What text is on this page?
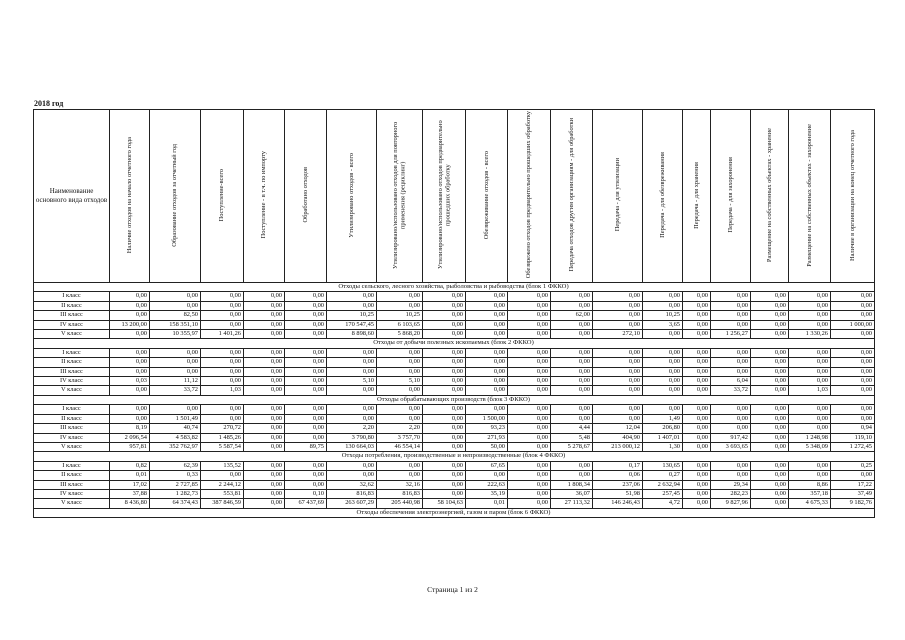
2018 год
Наименование основного вида отходов	Наличие отходов на начало отчетного года	Образование отходов за отчетный год	Поступление-всего	Поступление - в т.ч. по импорту	Обработано отходов	Утилизировано отходов - всего	Утилизировано/использовано отходов для повторного применения (рециклинг)	Утилизировано/использовано отходов предварительно прошедших обработку	Обезвреживание отходов - всего	Обезврежено отходов предварительно прошедших обработку	Передача отходов другим организациям - для обработки	Передача - для утилизации	Передача - для обезвреживания	Передача - для хранения	Передача - для захоронения	Размещение на собственных объектах - хранение	Размещение на собственных объектах - захоронение	Наличие в организации на конец отчетного года
Отходы сельского, лесного хозяйства, рыболовства и рыбоводства (блок 1 ФККО)																		
I класс	0,00	0,00	0,00	0,00	0,00	0,00	0,00	0,00	0,00	0,00	0,00	0,00	0,00	0,00	0,00	0,00	0,00	0,00
II класс	0,00	0,00	0,00	0,00	0,00	0,00	0,00	0,00	0,00	0,00	0,00	0,00	0,00	0,00	0,00	0,00	0,00	0,00
III класс	0,00	82,50	0,00	0,00	0,00	10,25	10,25	0,00	0,00	0,00	62,00	0,00	10,25	0,00	0,00	0,00	0,00	0,00
IV класс	13 200,00	158 351,10	0,00	0,00	0,00	170 547,45	6 103,65	0,00	0,00	0,00	0,00	0,00	3,65	0,00	0,00	0,00	0,00	1 000,00
V класс	0,00	10 355,97	1 401,26	0,00	0,00	8 898,60	5 868,20	0,00	0,00	0,00	0,00	272,10	0,00	0,00	1 256,27	0,00	1 330,26	0,00
Отходы от добычи полезных ископаемых (блок 2 ФККО)																		
I класс	0,00	0,00	0,00	0,00	0,00	0,00	0,00	0,00	0,00	0,00	0,00	0,00	0,00	0,00	0,00	0,00	0,00	0,00
II класс	0,00	0,00	0,00	0,00	0,00	0,00	0,00	0,00	0,00	0,00	0,00	0,00	0,00	0,00	0,00	0,00	0,00	0,00
III класс	0,00	0,00	0,00	0,00	0,00	0,00	0,00	0,00	0,00	0,00	0,00	0,00	0,00	0,00	0,00	0,00	0,00	0,00
IV класс	0,03	11,12	0,00	0,00	0,00	5,10	5,10	0,00	0,00	0,00	0,00	0,00	0,00	0,00	6,04	0,00	0,00	0,00
V класс	0,00	33,72	1,03	0,00	0,00	0,00	0,00	0,00	0,00	0,00	0,00	0,00	0,00	0,00	33,72	0,00	1,03	0,00
Отходы обрабатывающих производств (блок 3 ФККО)																		
I класс	0,00	0,00	0,00	0,00	0,00	0,00	0,00	0,00	0,00	0,00	0,00	0,00	0,00	0,00	0,00	0,00	0,00	0,00
II класс	0,00	1 501,49	0,00	0,00	0,00	0,00	0,00	0,00	1 500,00	0,00	0,00	0,00	1,49	0,00	0,00	0,00	0,00	0,00
III класс	8,19	40,74	270,72	0,00	0,00	2,20	2,20	0,00	93,23	0,00	4,44	12,04	206,80	0,00	0,00	0,00	0,00	0,94
IV класс	2 096,54	4 583,82	1 485,26	0,00	0,00	3 790,80	3 757,70	0,00	271,93	0,00	5,48	404,90	1 407,01	0,00	917,42	0,00	1 248,98	119,10
V класс	957,81	352 762,97	5 587,54	0,00	89,75	130 664,03	46 554,14	0,00	50,00	0,00	5 278,67	213 000,12	1,30	0,00	3 693,65	0,00	5 348,09	1 272,45
Отходы потребления, производственные и непроизводственные (блок 4 ФККО)																		
I класс	0,82	62,39	135,52	0,00	0,00	0,00	0,00	0,00	67,65	0,00	0,00	0,17	130,65	0,00	0,00	0,00	0,00	0,25
II класс	0,01	0,33	0,00	0,00	0,00	0,00	0,00	0,00	0,00	0,00	0,00	0,06	0,27	0,00	0,00	0,00	0,00	0,00
III класс	17,02	2 727,85	2 244,12	0,00	0,00	32,62	32,16	0,00	222,63	0,00	1 808,34	237,06	2 632,94	0,00	29,34	0,00	8,86	17,22
IV класс	37,88	1 282,73	553,81	0,00	0,10	816,83	816,83	0,00	35,19	0,00	36,07	51,98	257,45	0,00	282,23	0,00	357,18	37,49
V класс	8 436,80	64 374,43	387 846,59	0,00	67 437,69	263 607,29	205 440,98	58 104,63	0,01	0,00	27 113,32	146 246,43	4,72	0,00	9 827,96	0,00	4 675,33	9 182,76
Отходы обеспечения электроэнергией, газом и паром (блок 6 ФККО)																		
Страница 1 из 2
